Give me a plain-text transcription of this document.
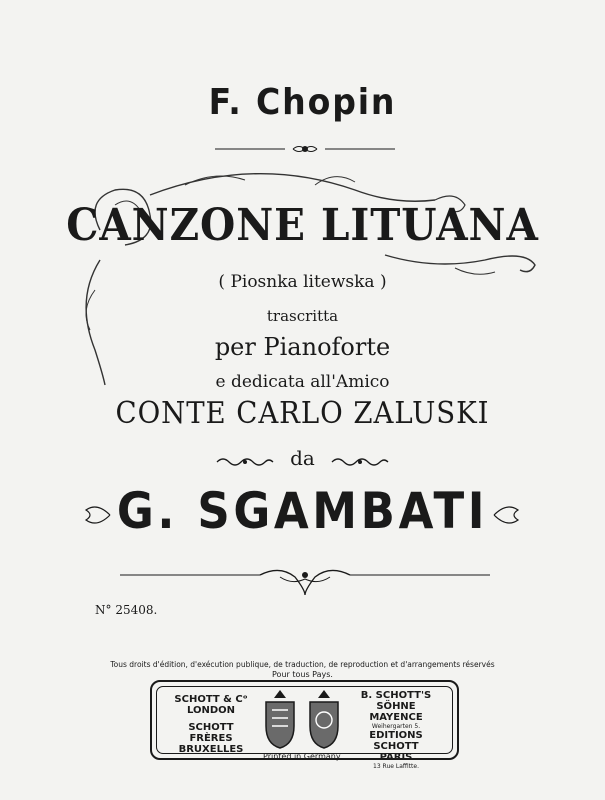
F. Chopin
CANZONE LITUANA
( Piosnka litewska )
trascritta
per Pianoforte
e dedicata all'Amico
CONTE CARLO ZALUSKI
da
G. SGAMBATI
N° 25408.
Tous droits d'édition, d'exécution publique, de traduction, de reproduction et d'arrangements réservés
Pour tous Pays.
SCHOTT & Cᵒ
LONDON
SCHOTT FRÈRES
BRUXELLES
B. SCHOTT'S SÖHNE
MAYENCE
Weihergarten 5.
EDITIONS SCHOTT
PARIS
13 Rue Laffitte.
Printed in Germany.
